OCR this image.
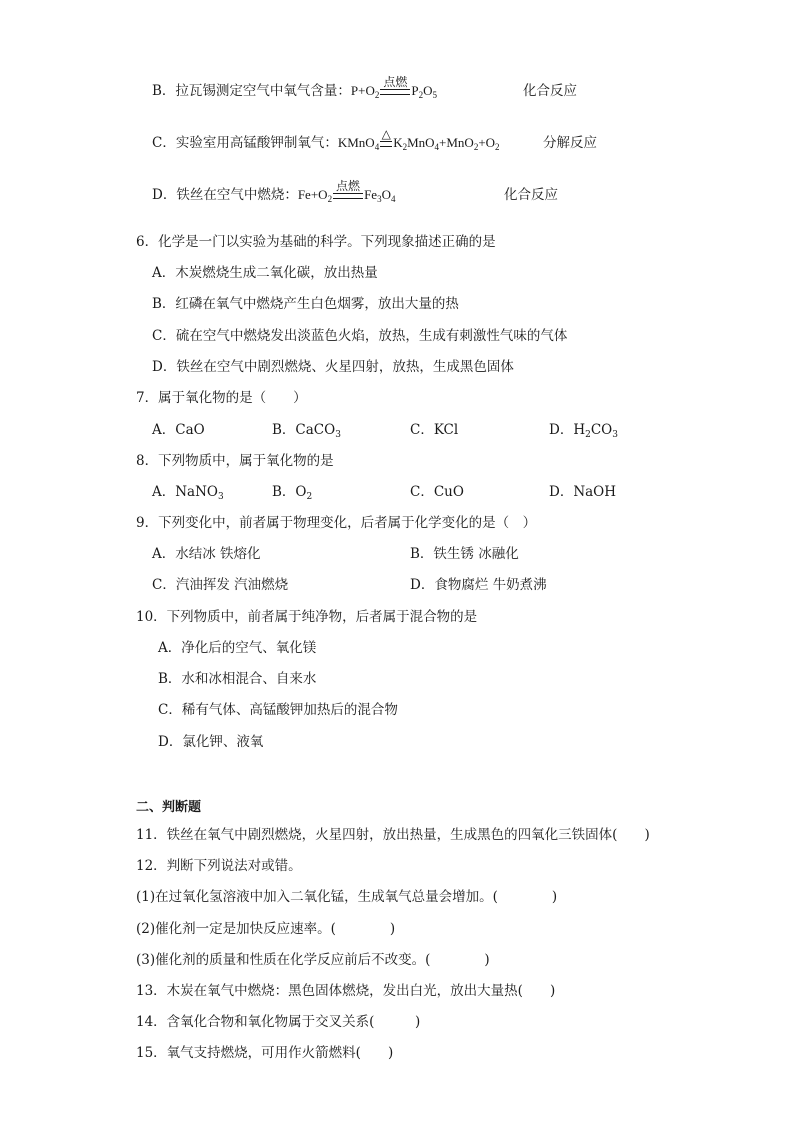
B．拉瓦锡测定空气中氧气含量：$P+O_2$
点燃
$P_2O_5$	化合反应
C．实验室用高锰酸钾制氧气：KMnO$_4$
△
$K_2MnO_4+MnO_2+O_2$	分解反应
D．铁丝在空气中燃烧：$Fe+O_2$
点燃
$Fe_3O_4$	化合反应
6．化学是一门以实验为基础的科学。下列现象描述正确的是
A．木炭燃烧生成二氧化碳，放出热量
B．红磷在氧气中燃烧产生白色烟雾，放出大量的热
C．硫在空气中燃烧发出淡蓝色火焰，放热，生成有刺激性气味的气体
D．铁丝在空气中剧烈燃烧、火星四射，放热，生成黑色固体
7．属于氧化物的是（　　）
A．CaO	B．CaCO$_3$	C．KCl	D．$H_2CO_3$
8．下列物质中，属于氧化物的是
A．NaNO$_3$	B．$O_2$	C．CuO	D．NaOH
9．下列变化中，前者属于物理变化，后者属于化学变化的是（　）
A．水结冰 铁熔化	B．铁生锈 冰融化
C．汽油挥发 汽油燃烧	D．食物腐烂 牛奶煮沸
10．下列物质中，前者属于纯净物，后者属于混合物的是
A．净化后的空气、氧化镁
B．水和冰相混合、自来水
C．稀有气体、高锰酸钾加热后的混合物
D．氯化钾、液氧
二、判断题
11．铁丝在氧气中剧烈燃烧，火星四射，放出热量，生成黑色的四氧化三铁固体(　　)
12．判断下列说法对或错。
(1)在过氧化氢溶液中加入二氧化锰，生成氧气总量会增加。(　　　　)
(2)催化剂一定是加快反应速率。(　　　　)
(3)催化剂的质量和性质在化学反应前后不改变。(　　　　)
13．木炭在氧气中燃烧：黑色固体燃烧，发出白光，放出大量热(　　)
14．含氧化合物和氧化物属于交叉关系(　　　)
15．氧气支持燃烧，可用作火箭燃料(　　)
